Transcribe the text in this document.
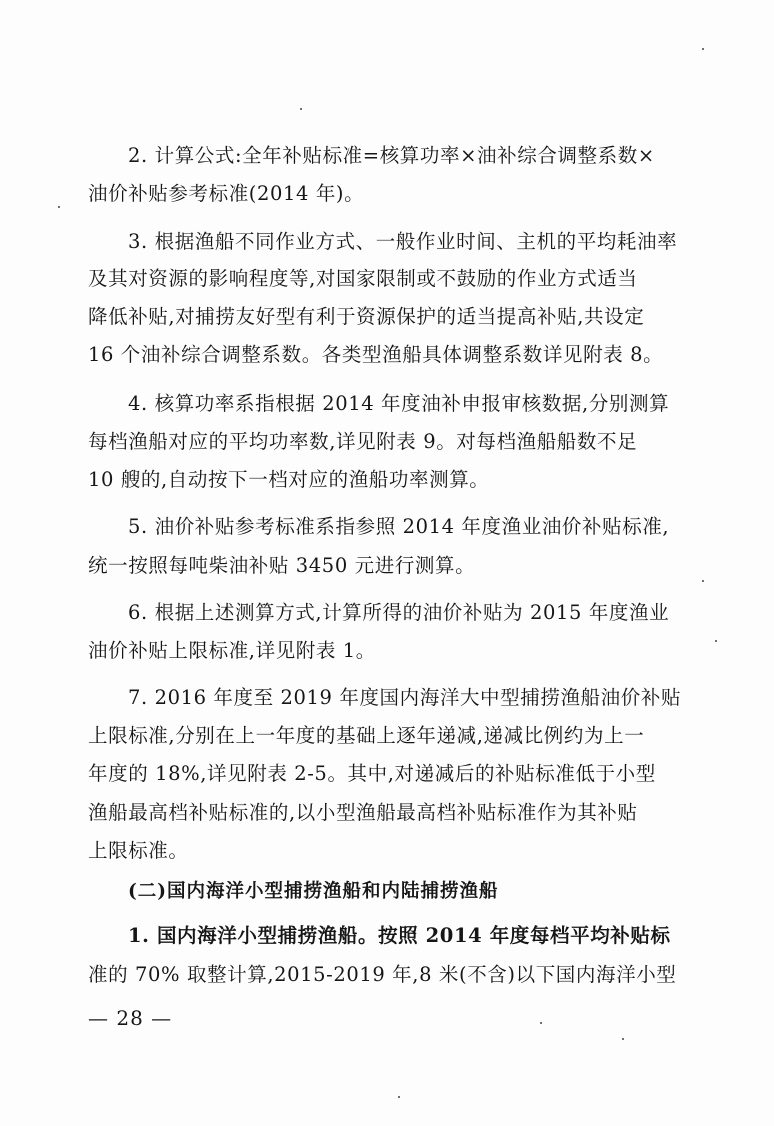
2. 计算公式:全年补贴标准=核算功率×油补综合调整系数×
油价补贴参考标准(2014 年)。
3. 根据渔船不同作业方式、一般作业时间、主机的平均耗油率
及其对资源的影响程度等,对国家限制或不鼓励的作业方式适当
降低补贴,对捕捞友好型有利于资源保护的适当提高补贴,共设定
16 个油补综合调整系数。各类型渔船具体调整系数详见附表 8。
4. 核算功率系指根据 2014 年度油补申报审核数据,分别测算
每档渔船对应的平均功率数,详见附表 9。对每档渔船船数不足
10 艘的,自动按下一档对应的渔船功率测算。
5. 油价补贴参考标准系指参照 2014 年度渔业油价补贴标准,
统一按照每吨柴油补贴 3450 元进行测算。
6. 根据上述测算方式,计算所得的油价补贴为 2015 年度渔业
油价补贴上限标准,详见附表 1。
7. 2016 年度至 2019 年度国内海洋大中型捕捞渔船油价补贴
上限标准,分别在上一年度的基础上逐年递减,递减比例约为上一
年度的 18%,详见附表 2-5。其中,对递减后的补贴标准低于小型
渔船最高档补贴标准的,以小型渔船最高档补贴标准作为其补贴
上限标准。
(二)国内海洋小型捕捞渔船和内陆捕捞渔船
1. 国内海洋小型捕捞渔船。按照 2014 年度每档平均补贴标
准的 70% 取整计算,2015-2019 年,8 米(不含)以下国内海洋小型
— 28 —
